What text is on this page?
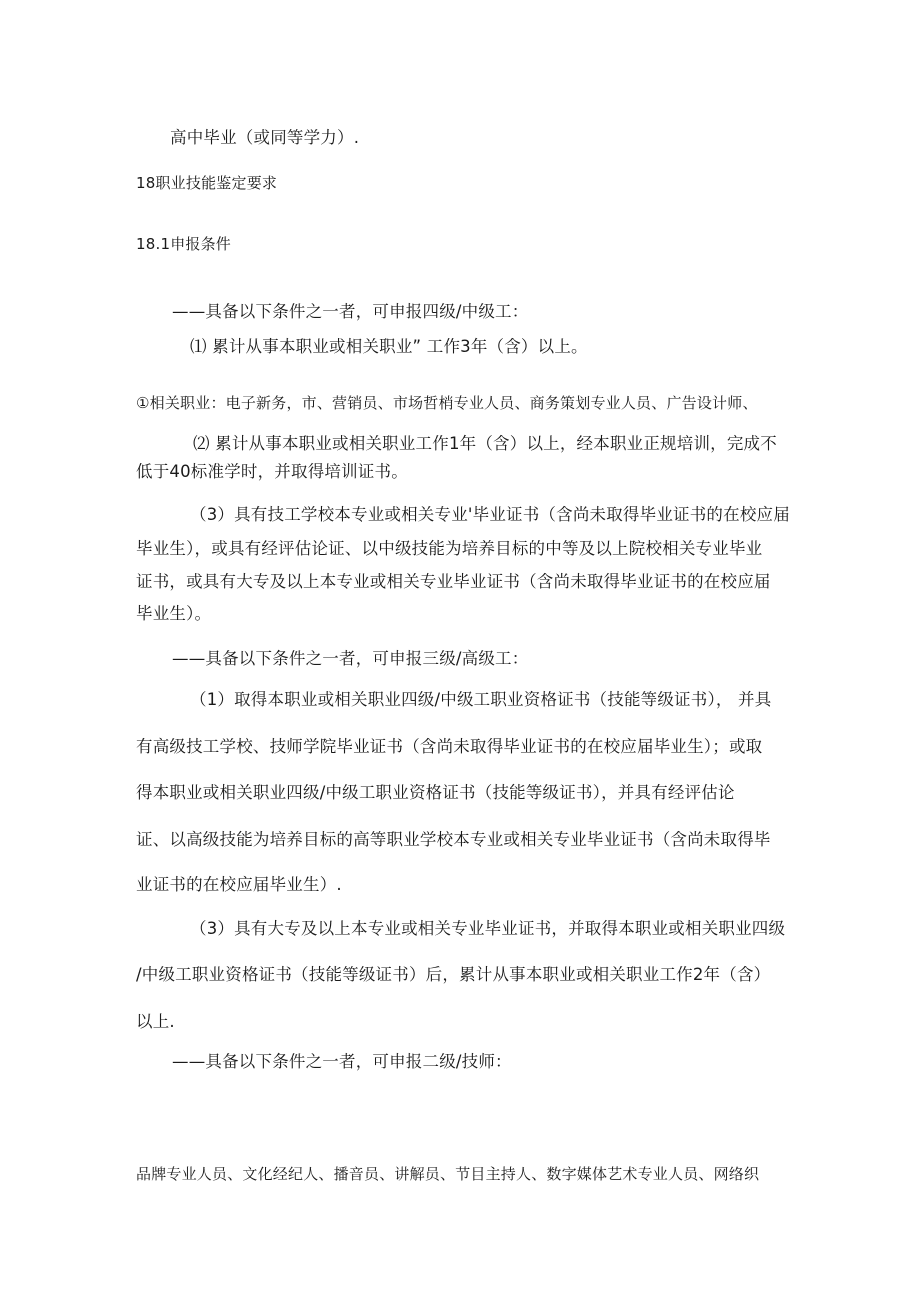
高中毕业（或同等学力）.
18职业技能鉴定要求
18.1申报条件
——具备以下条件之一者，可申报四级/中级工：
⑴ 累计从事本职业或相关职业” 工作3年（含）以上。
①相关职业：电子新务，市、营销员、市场哲梢专业人员、商务策划专业人员、广告设计师、
⑵ 累计从事本职业或相关职业工作1年（含）以上，经本职业正规培训，完成不
低于40标准学时，并取得培训证书。
（3）具有技工学校本专业或相关专业'毕业证书（含尚未取得毕业证书的在校应届
毕业生），或具有经评估论证、以中级技能为培养目标的中等及以上院校相关专业毕业
证书，或具有大专及以上本专业或相关专业毕业证书（含尚未取得毕业证书的在校应届
毕业生）。
——具备以下条件之一者，可申报三级/高级工：
（1）取得本职业或相关职业四级/中级工职业资格证书（技能等级证书）， 并具
有高级技工学校、技师学院毕业证书（含尚未取得毕业证书的在校应届毕业生）；或取
得本职业或相关职业四级/中级工职业资格证书（技能等级证书），并具有经评估论
证、以高级技能为培养目标的高等职业学校本专业或相关专业毕业证书（含尚未取得毕
业证书的在校应届毕业生）.
（3）具有大专及以上本专业或相关专业毕业证书，并取得本职业或相关职业四级
/中级工职业资格证书（技能等级证书）后，累计从事本职业或相关职业工作2年（含）
以上.
——具备以下条件之一者，可申报二级/技师：
品牌专业人员、文化经纪人、播音员、讲解员、节目主持人、数字媒体艺术专业人员、网络织
